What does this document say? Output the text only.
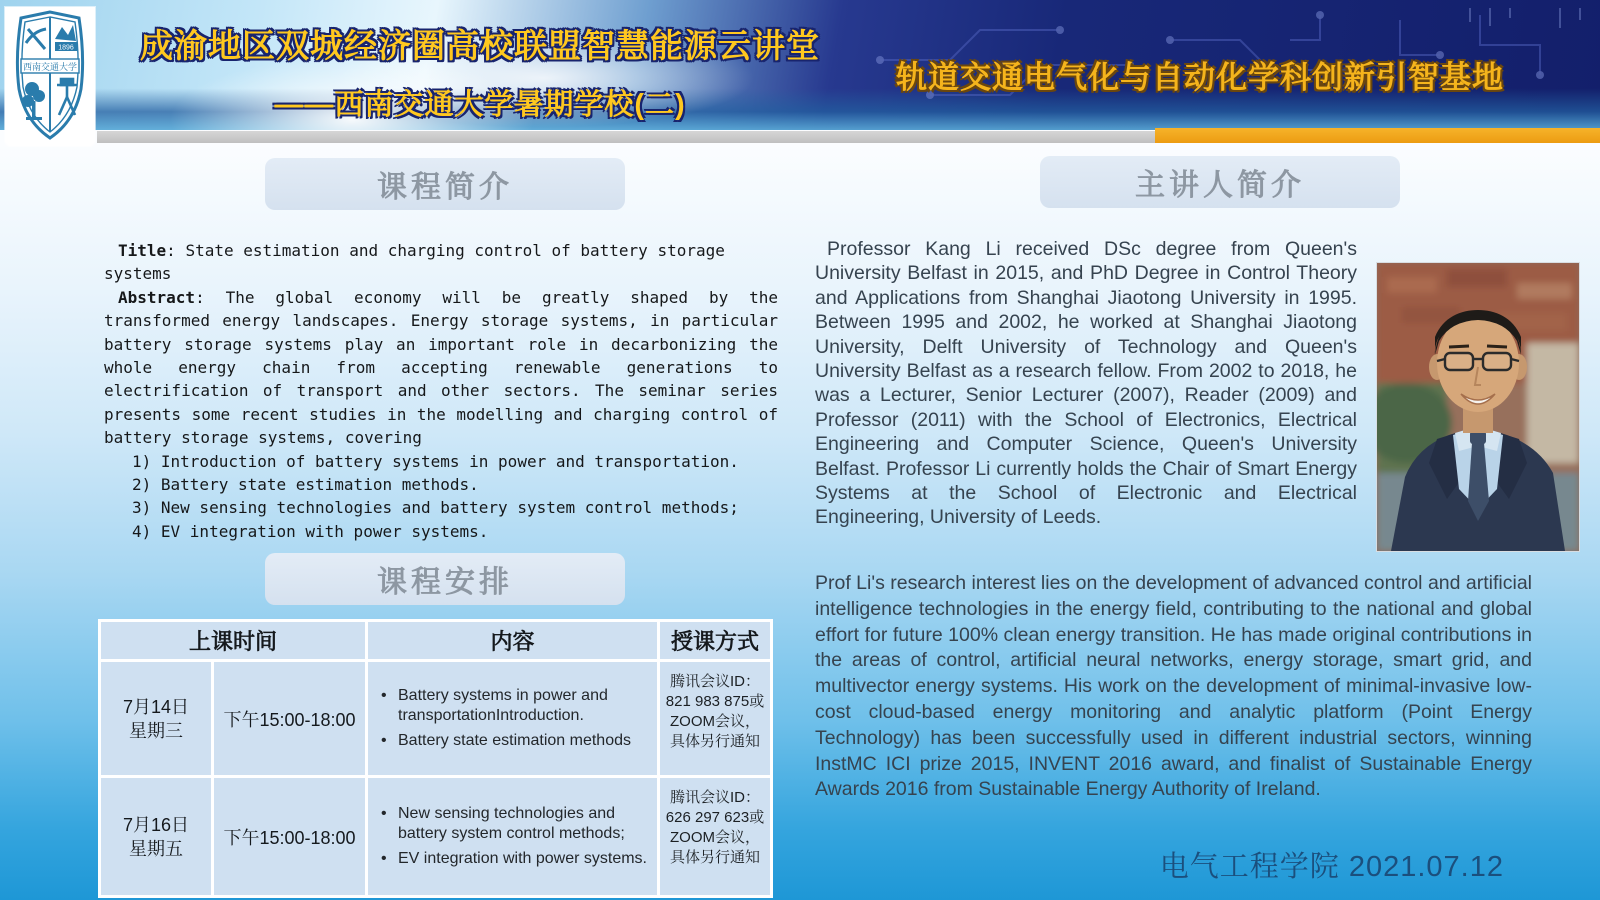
1896
西南交通大学
成渝地区双城经济圈高校联盟智慧能源云讲堂
——西南交通大学暑期学校(二)
轨道交通电气化与自动化学科创新引智基地
课程简介

Title: State estimation and charging control of battery storage systems

Abstract: The global economy will be greatly shaped by the transformed energy landscapes. Energy storage systems, in particular battery storage systems play an important role in decarbonizing the whole energy chain from accepting renewable generations to electrification of transport and other sectors. The seminar series presents some recent studies in the modelling and charging control of battery storage systems, covering

1) Introduction of battery systems in power and transportation.
2) Battery state estimation methods.
3) New sensing technologies and battery system control methods;
4) EV integration with power systems.
课程安排
上课时间	内容	授课方式
7月14日
星期三
下午15:00-18:00
• Battery systems in power and transportationIntroduction.
• Battery state estimation methods
腾讯会议ID：821 983 875或ZOOM会议，具体另行通知
7月16日
星期五
下午15:00-18:00
• New sensing technologies and battery system control methods;
• EV integration with power systems.
腾讯会议ID：626 297 623或ZOOM会议，具体另行通知
主讲人简介
Professor Kang Li received DSc degree from Queen's University Belfast in 2015, and PhD Degree in Control Theory and Applications from Shanghai Jiaotong University in 1995. Between 1995 and 2002, he worked at Shanghai Jiaotong University, Delft University of Technology and Queen's University Belfast as a research fellow. From 2002 to 2018, he was a Lecturer, Senior Lecturer (2007), Reader (2009) and Professor (2011) with the School of Electronics, Electrical Engineering and Computer Science, Queen's University Belfast. Professor Li currently holds the Chair of Smart Energy Systems at the School of Electronic and Electrical Engineering, University of Leeds.
Prof Li's research interest lies on the development of advanced control and artificial intelligence technologies in the energy field, contributing to the national and global effort for future 100% clean energy transition. He has made original contributions in the areas of control, artificial neural networks, energy storage, smart grid, and multivector energy systems. His work on the development of minimal-invasive low-cost cloud-based energy monitoring and analytic platform (Point Energy Technology) has been successfully used in different industrial sectors, winning InstMC ICI prize 2015, INVENT 2016 award, and finalist of Sustainable Energy Awards 2016 from Sustainable Energy Authority of Ireland.
电气工程学院 2021.07.12
